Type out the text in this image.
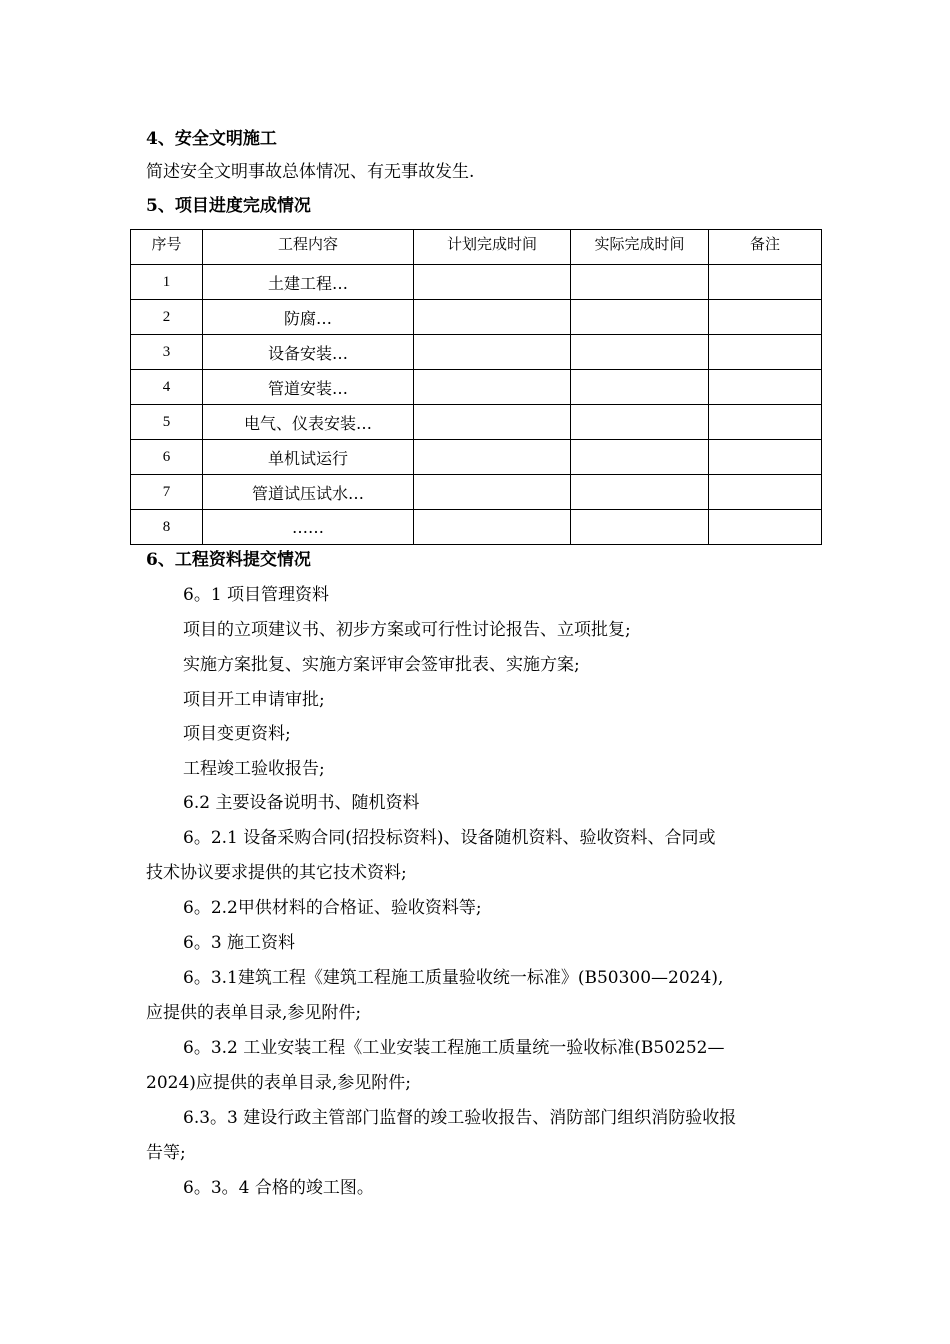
4、安全文明施工
简述安全文明事故总体情况、有无事故发生.
5、项目进度完成情况
序号	工程内容	计划完成时间	实际完成时间	备注
1	土建工程…			
2	防腐…			
3	设备安装…			
4	管道安装…			
5	电气、仪表安装…			
6	单机试运行			
7	管道试压试水…			
8	……			
6、工程资料提交情况
6。1 项目管理资料
项目的立项建议书、初步方案或可行性讨论报告、立项批复;
实施方案批复、实施方案评审会签审批表、实施方案;
项目开工申请审批;
项目变更资料;
工程竣工验收报告;
6.2 主要设备说明书、随机资料
6。2.1 设备采购合同(招投标资料)、设备随机资料、验收资料、合同或
技术协议要求提供的其它技术资料;
6。2.2甲供材料的合格证、验收资料等;
6。3 施工资料
6。3.1建筑工程《建筑工程施工质量验收统一标准》(B50300—2024),
应提供的表单目录,参见附件;
6。3.2 工业安装工程《工业安装工程施工质量统一验收标准(B50252—
2024)应提供的表单目录,参见附件;
6.3。3 建设行政主管部门监督的竣工验收报告、消防部门组织消防验收报
告等;
6。3。4 合格的竣工图。
